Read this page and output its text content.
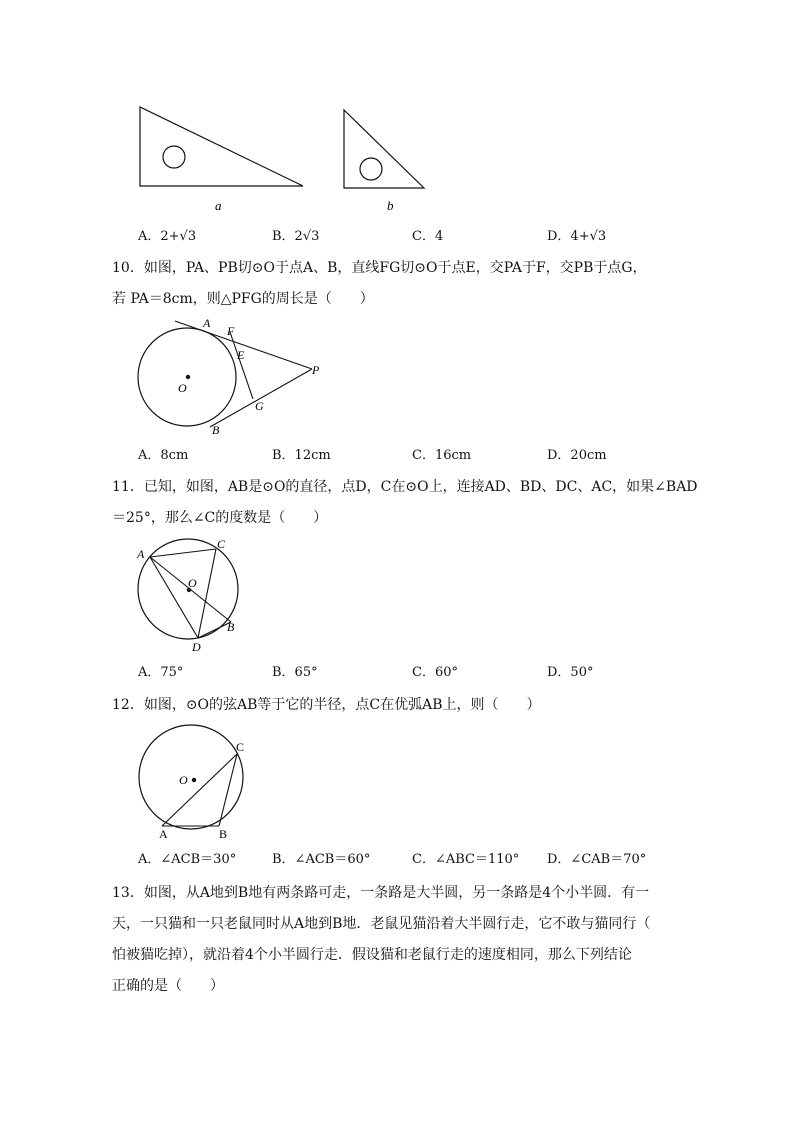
a	b
A．2+√3	B．2√3	C．4	D．4+√3
10．如图，PA、PB切⊙O于点A、B，直线FG切⊙O于点E，交PA于F，交PB于点G，
若 PA＝8cm，则△PFG的周长是（　　）
A
F
E
O
P
G
B
A．8cm	B．12cm	C．16cm	D．20cm
11．已知，如图，AB是⊙O的直径，点D，C在⊙O上，连接AD、BD、DC、AC，如果∠BAD
＝25°，那么∠C的度数是（　　）
A
C
O
B
D
A．75°	B．65°	C．60°	D．50°
12．如图，⊙O的弦AB等于它的半径，点C在优弧AB上，则（　　）
O
C
A	B
A．∠ACB＝30°	B．∠ACB＝60°	C．∠ABC＝110° D．∠CAB＝70°
13．如图，从A地到B地有两条路可走，一条路是大半圆，另一条路是4个小半圆．有一
天，一只猫和一只老鼠同时从A地到B地．老鼠见猫沿着大半圆行走，它不敢与猫同行（
怕被猫吃掉），就沿着4个小半圆行走．假设猫和老鼠行走的速度相同，那么下列结论
正确的是（　　）
